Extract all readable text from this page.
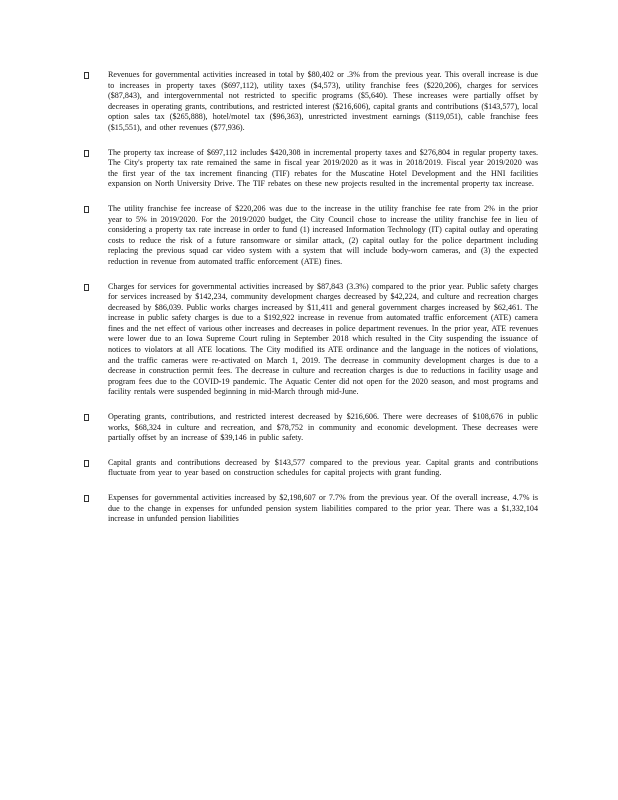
Revenues for governmental activities increased in total by $80,402 or .3% from the previous year. This overall increase is due to increases in property taxes ($697,112), utility taxes ($4,573), utility franchise fees ($220,206), charges for services ($87,843), and intergovernmental not restricted to specific programs ($5,640). These increases were partially offset by decreases in operating grants, contributions, and restricted interest ($216,606), capital grants and contributions ($143,577), local option sales tax ($265,888), hotel/motel tax ($96,363), unrestricted investment earnings ($119,051), cable franchise fees ($15,551), and other revenues ($77,936).
The property tax increase of $697,112 includes $420,308 in incremental property taxes and $276,804 in regular property taxes. The City's property tax rate remained the same in fiscal year 2019/2020 as it was in 2018/2019. Fiscal year 2019/2020 was the first year of the tax increment financing (TIF) rebates for the Muscatine Hotel Development and the HNI facilities expansion on North University Drive. The TIF rebates on these new projects resulted in the incremental property tax increase.
The utility franchise fee increase of $220,206 was due to the increase in the utility franchise fee rate from 2% in the prior year to 5% in 2019/2020. For the 2019/2020 budget, the City Council chose to increase the utility franchise fee in lieu of considering a property tax rate increase in order to fund (1) increased Information Technology (IT) capital outlay and operating costs to reduce the risk of a future ransomware or similar attack, (2) capital outlay for the police department including replacing the previous squad car video system with a system that will include body-worn cameras, and (3) the expected reduction in revenue from automated traffic enforcement (ATE) fines.
Charges for services for governmental activities increased by $87,843 (3.3%) compared to the prior year. Public safety charges for services increased by $142,234, community development charges decreased by $42,224, and culture and recreation charges decreased by $86,039. Public works charges increased by $11,411 and general government charges increased by $62,461. The increase in public safety charges is due to a $192,922 increase in revenue from automated traffic enforcement (ATE) camera fines and the net effect of various other increases and decreases in police department revenues. In the prior year, ATE revenues were lower due to an Iowa Supreme Court ruling in September 2018 which resulted in the City suspending the issuance of notices to violators at all ATE locations. The City modified its ATE ordinance and the language in the notices of violations, and the traffic cameras were re-activated on March 1, 2019. The decrease in community development charges is due to a decrease in construction permit fees. The decrease in culture and recreation charges is due to reductions in facility usage and program fees due to the COVID-19 pandemic. The Aquatic Center did not open for the 2020 season, and most programs and facility rentals were suspended beginning in mid-March through mid-June.
Operating grants, contributions, and restricted interest decreased by $216,606. There were decreases of $108,676 in public works, $68,324 in culture and recreation, and $78,752 in community and economic development. These decreases were partially offset by an increase of $39,146 in public safety.
Capital grants and contributions decreased by $143,577 compared to the previous year. Capital grants and contributions fluctuate from year to year based on construction schedules for capital projects with grant funding.
Expenses for governmental activities increased by $2,198,607 or 7.7% from the previous year. Of the overall increase, 4.7% is due to the change in expenses for unfunded pension system liabilities compared to the prior year. There was a $1,332,104 increase in unfunded pension liabilities
